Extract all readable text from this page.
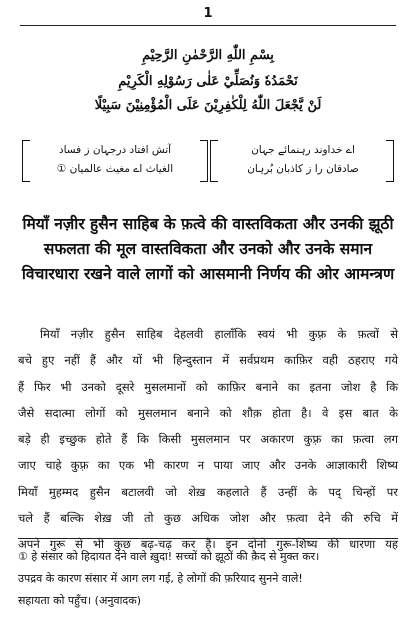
1
بِسْمِ اللّٰهِ الرَّحْمٰنِ الرَّحِيْمِ
نَحْمَدُهٗ وَنُصَلِّيْ عَلٰى رَسُوْلِهِ الْكَرِيْمِ
لَنْ يَّجْعَلَ اللّٰهُ لِلْكٰفِرِيْنَ عَلَى الْمُؤْمِنِيْنَ سَبِيْلًا
آتش افتاد درجہان ز فساد
الغیاث اے مغیث عالمیان ①
اے خداوند رہنمائے جہان
صادقان را ز کاذبان بُرہان
मियाँ नज़ीर हुसैन साहिब के फ़त्वे की वास्तविकता और उनकी झूठी सफलता की मूल वास्तविकता और उनको और उनके समान विचारधारा रखने वाले लागों को आसमानी निर्णय की ओर आमन्त्रण
मियाँ नज़ीर हुसैन साहिब देहलवी हालाँकि स्वयं भी कुफ़्र के फ़त्वों से
बचे हुए नहीं हैं और यों भी हिन्दुस्तान में सर्वप्रथम काफ़िर वही ठहराए गये
हैं फिर भी उनको दूसरे मुसलमानों को काफ़िर बनाने का इतना जोश है कि
जैसे सदात्मा लोगों को मुसलमान बनाने को शौक़ होता है। वे इस बात के
बड़े ही इच्छुक होते हैं कि किसी मुसलमान पर अकारण कुफ़्र का फ़त्वा लग
जाए चाहे कुफ़्र का एक भी कारण न पाया जाए और उनके आज्ञाकारी शिष्य
मियाँ मुहम्मद हुसैन बटालवी जो शेख़ कहलाते हैं उन्हीं के पद् चिन्हों पर
चले हैं बल्कि शेख़ जी तो कुछ अधिक जोश और फ़त्वा देने की रुचि में
अपने गुरू से भी कुछ बढ़-चढ़ कर हैं। इन दोनों गुरू-शिष्य की धारणा यह
① हे संसार को हिदायत देने वाले ख़ुदा! सच्चों को झूठों की क़ैद से मुक्त कर।
उपद्रव के कारण संसार में आग लग गई, हे लोगों की फ़रियाद सुनने वाले!
सहायता को पहुँच। (अनुवादक)
